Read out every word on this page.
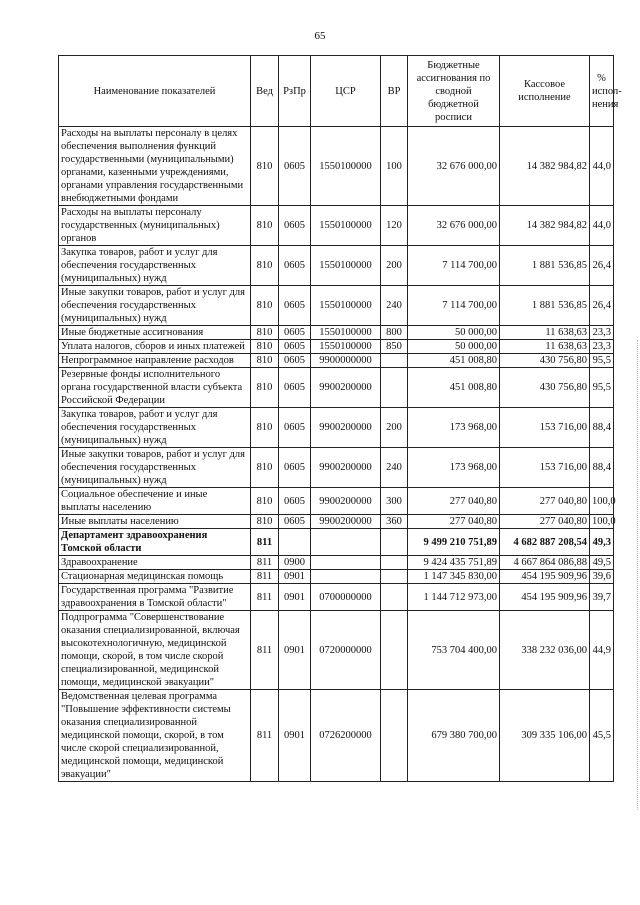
65
Наименование показателей	Вед	РзПр	ЦСР	ВР	Бюджетные ассигнования по сводной бюджетной росписи	Кассовое исполнение	% испол-нения
Расходы на выплаты персоналу в целях обеспечения выполнения функций государственными (муниципальными) органами, казенными учреждениями, органами управления государственными внебюджетными фондами	810	0605	1550100000	100	32 676 000,00	14 382 984,82	44,0
Расходы на выплаты персоналу государственных (муниципальных) органов	810	0605	1550100000	120	32 676 000,00	14 382 984,82	44,0
Закупка товаров, работ и услуг для обеспечения государственных (муниципальных) нужд	810	0605	1550100000	200	7 114 700,00	1 881 536,85	26,4
Иные закупки товаров, работ и услуг для обеспечения государственных (муниципальных) нужд	810	0605	1550100000	240	7 114 700,00	1 881 536,85	26,4
Иные бюджетные ассигнования	810	0605	1550100000	800	50 000,00	11 638,63	23,3
Уплата налогов, сборов и иных платежей	810	0605	1550100000	850	50 000,00	11 638,63	23,3
Непрограммное направление расходов	810	0605	9900000000		451 008,80	430 756,80	95,5
Резервные фонды исполнительного органа государственной власти субъекта Российской Федерации	810	0605	9900200000		451 008,80	430 756,80	95,5
Закупка товаров, работ и услуг для обеспечения государственных (муниципальных) нужд	810	0605	9900200000	200	173 968,00	153 716,00	88,4
Иные закупки товаров, работ и услуг для обеспечения государственных (муниципальных) нужд	810	0605	9900200000	240	173 968,00	153 716,00	88,4
Социальное обеспечение и иные выплаты населению	810	0605	9900200000	300	277 040,80	277 040,80	100,0
Иные выплаты населению	810	0605	9900200000	360	277 040,80	277 040,80	100,0
Департамент здравоохранения Томской области	811				9 499 210 751,89	4 682 887 208,54	49,3
Здравоохранение	811	0900			9 424 435 751,89	4 667 864 086,88	49,5
Стационарная медицинская помощь	811	0901			1 147 345 830,00	454 195 909,96	39,6
Государственная программа "Развитие здравоохранения в Томской области"	811	0901	0700000000		1 144 712 973,00	454 195 909,96	39,7
Подпрограмма "Совершенствование оказания специализированной, включая высокотехнологичную, медицинской помощи, скорой, в том числе скорой специализированной, медицинской помощи, медицинской эвакуации"	811	0901	0720000000		753 704 400,00	338 232 036,00	44,9
Ведомственная целевая программа "Повышение эффективности системы оказания специализированной медицинской помощи, скорой, в том числе скорой специализированной, медицинской помощи, медицинской эвакуации"	811	0901	0726200000		679 380 700,00	309 335 106,00	45,5
